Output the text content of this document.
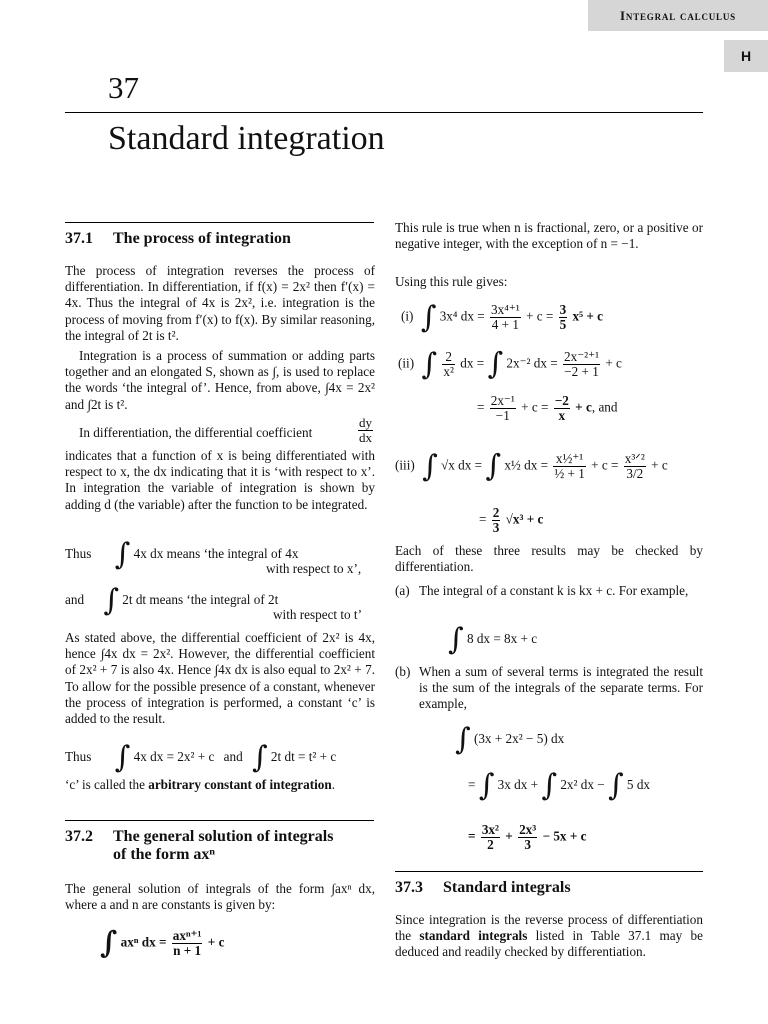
Integral calculus
H
37
Standard integration
37.1 The process of integration
The process of integration reverses the process of differentiation. In differentiation, if f(x) = 2x² then f′(x) = 4x. Thus the integral of 4x is 2x², i.e. integration is the process of moving from f′(x) to f(x). By similar reasoning, the integral of 2t is t².
Integration is a process of summation or adding parts together and an elongated S, shown as ∫, is used to replace the words ‘the integral of’. Hence, from above, ∫4x = 2x² and ∫2t is t².
In differentiation, the differential coefficient	$\frac{dy}{dx}$
indicates that a function of x is being differentiated with respect to x, the dx indicating that it is ‘with respect to x’. In integration the variable of integration is shown by adding d (the variable) after the function to be integrated.
Thus ∫ 4x dx means ‘the integral of 4x
with respect to x’,
and ∫ 2t dt means ‘the integral of 2t
with respect to t’
As stated above, the differential coefficient of 2x² is 4x, hence ∫4x dx = 2x². However, the differential coefficient of 2x² + 7 is also 4x. Hence ∫4x dx is also equal to 2x² + 7. To allow for the possible presence of a constant, whenever the process of integration is performed, a constant ‘c’ is added to the result.
Thus ∫ 4x dx = 2x² + c and ∫ 2t dt = t² + c
‘c’ is called the arbitrary constant of integration.
37.2 The general solution of integrals
of the form axⁿ
The general solution of integrals of the form ∫axⁿ dx, where a and n are constants is given by:
∫ axⁿ dx = $\frac{\text{axⁿ⁺¹}}{n + 1} + c$
This rule is true when n is fractional, zero, or a positive or negative integer, with the exception of n = −1.
Using this rule gives:
(i) ∫ 3x⁴ dx = $\frac{\text{3x⁴⁺¹}}{4 + 1} + c = \frac{3}{5} x^5 + c$
(ii) ∫ $\frac{2}{\text{x²}}$ dx = ∫ 2x⁻² dx = $\frac{\text{2x⁻²⁺¹}}{-2 + 1} + c$
= $\frac{\text{2x⁻¹}}{-1} + c = \frac{-2}{x} + c$, and
(iii) ∫ √x dx = ∫ x½ dx = $\frac{\text{x½⁺¹}}{\text{½ + 1}} + c = \frac{\text{x³ᐟ²}}{3/2} + c$
= $\frac{2}{3} √x^3 + c$
Each of these three results may be checked by differentiation.
(a) The integral of a constant k is kx + c. For example,
∫ 8 dx = 8x + c
(b) When a sum of several terms is integrated the result is the sum of the integrals of the separate terms. For example,
∫ (3x + 2x² − 5) dx
= ∫ 3x dx + ∫ 2x² dx − ∫ 5 dx
= $\frac{\text{3x²}}{2} + \frac{\text{2x³}}{3} - 5x + c$
37.3 Standard integrals
Since integration is the reverse process of differentiation the standard integrals listed in Table 37.1 may be deduced and readily checked by differentiation.
